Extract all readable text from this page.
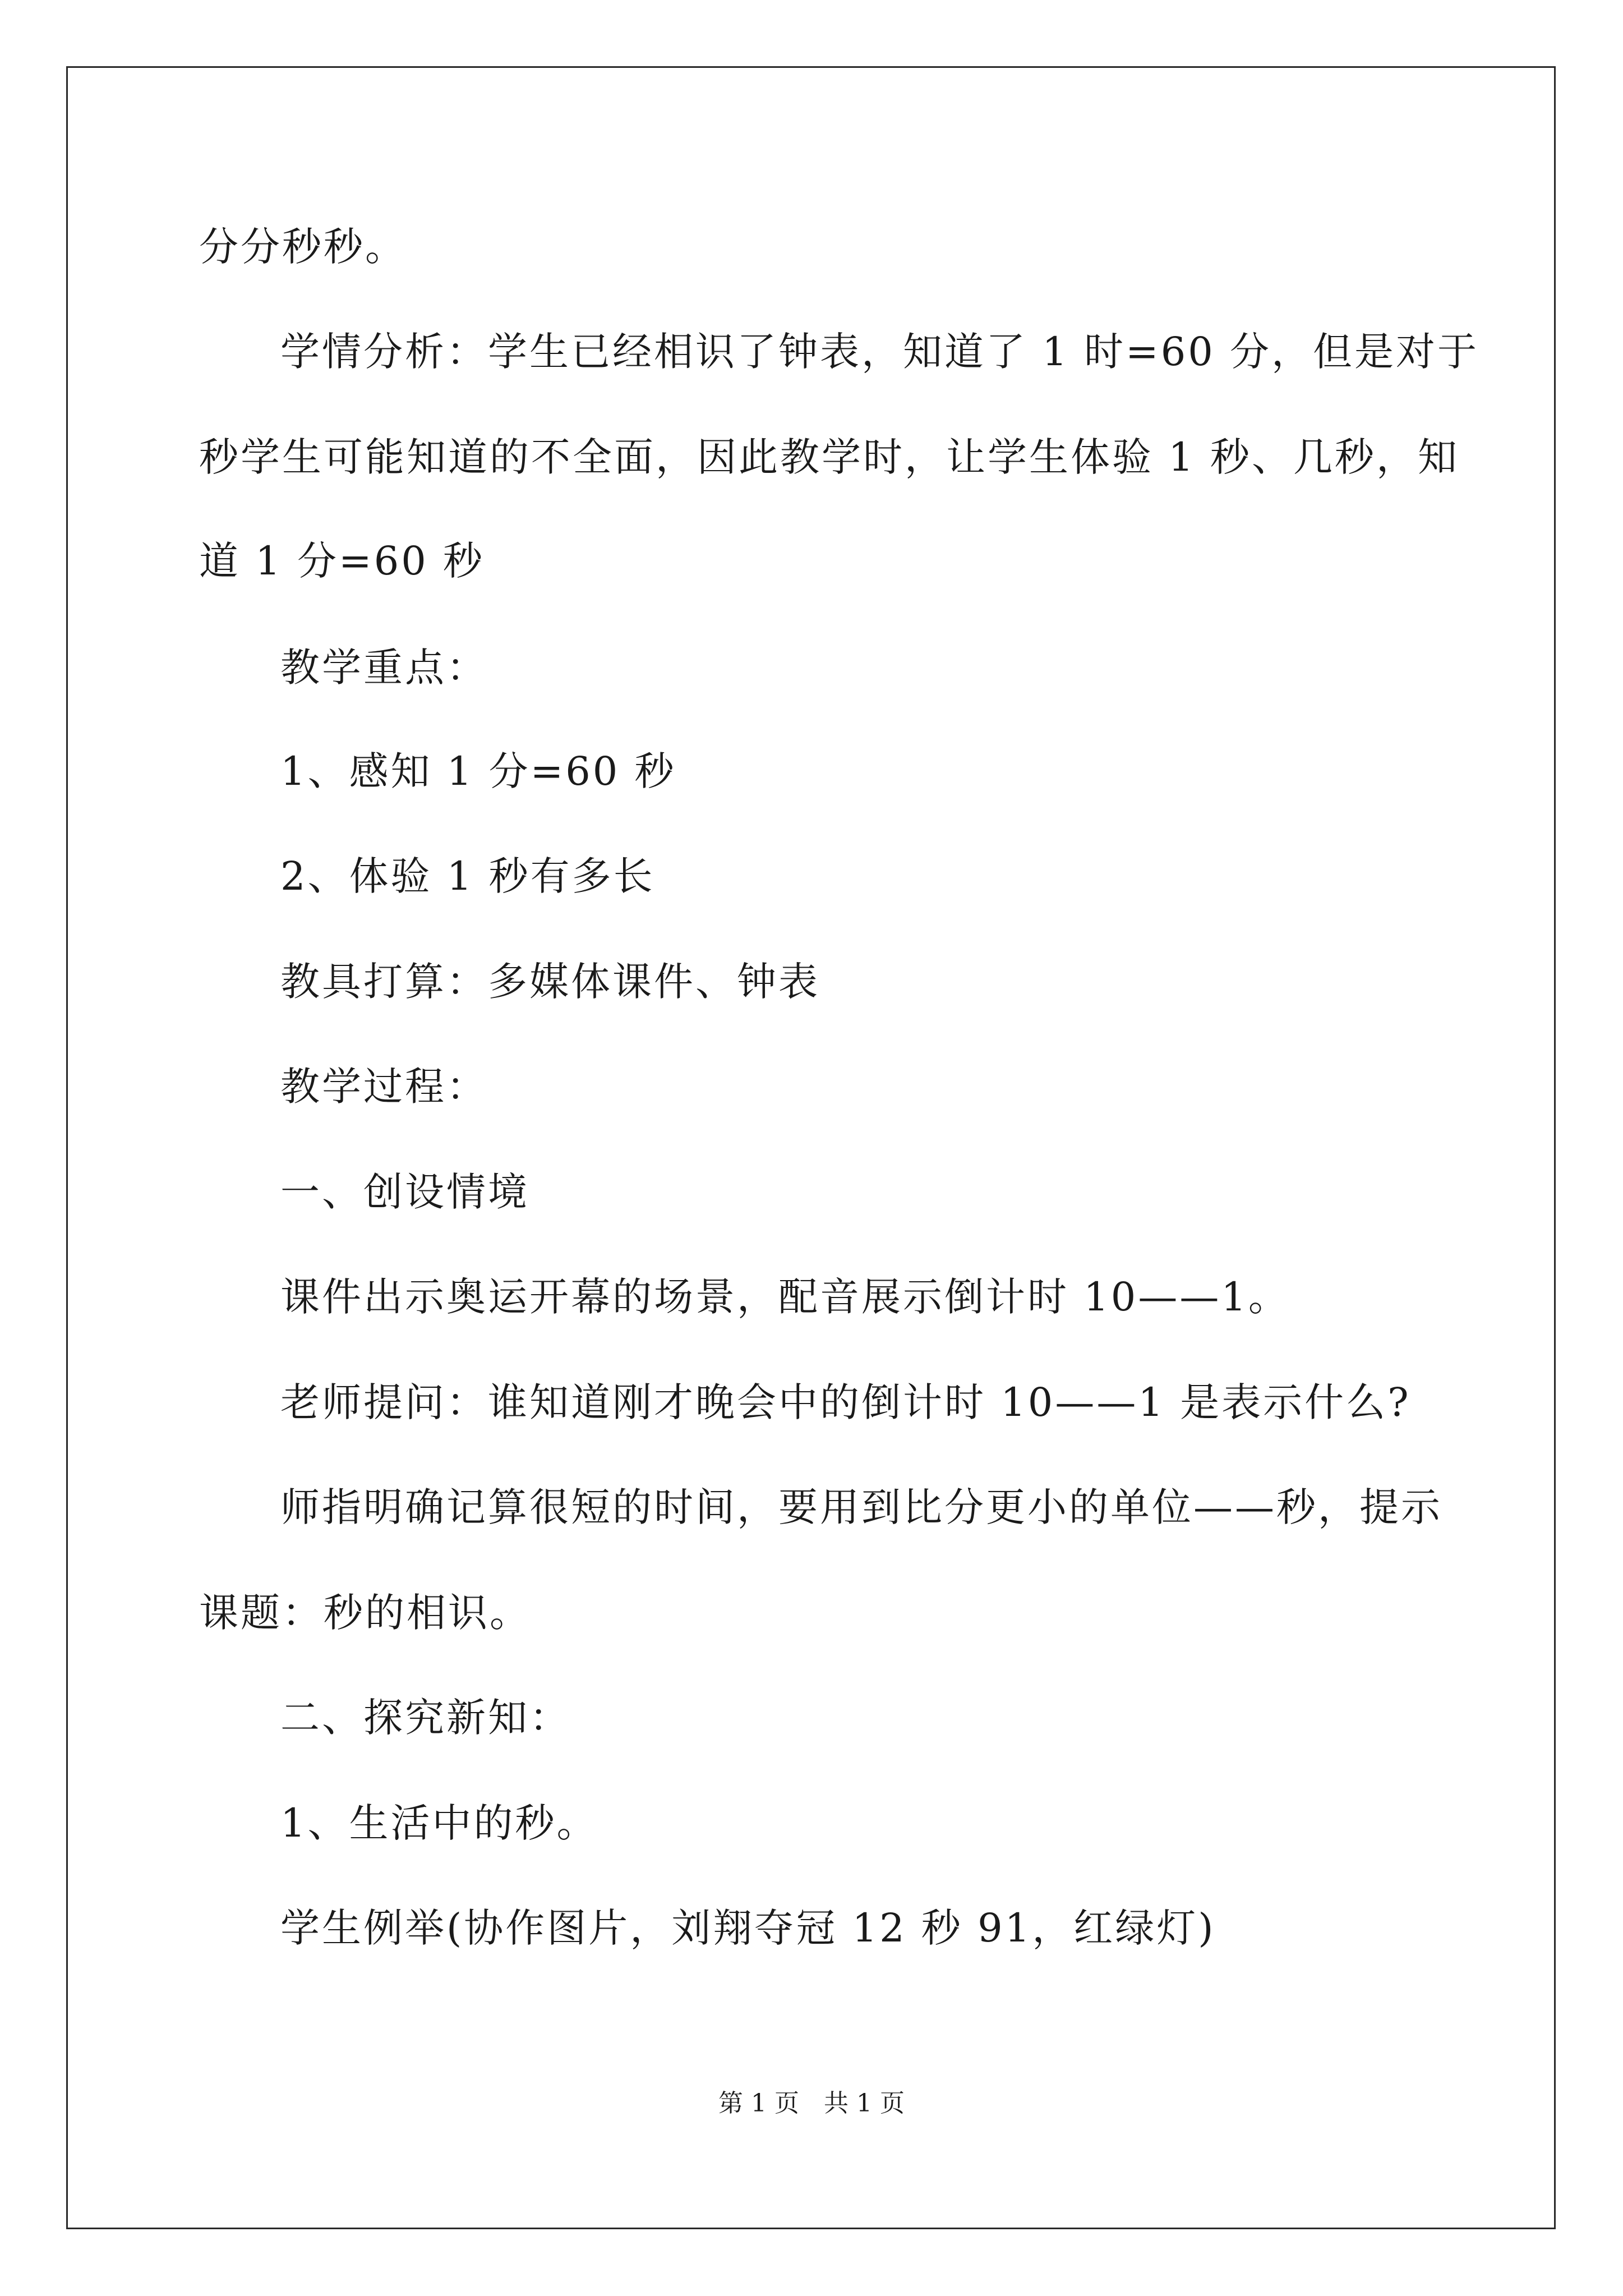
分分秒秒。
学情分析：学生已经相识了钟表，知道了 1 时=60 分，但是对于
秒学生可能知道的不全面，因此教学时，让学生体验 1 秒、几秒，知
道 1 分=60 秒
教学重点：
1、感知 1 分=60 秒
2、体验 1 秒有多长
教具打算：多媒体课件、钟表
教学过程：
一、创设情境
课件出示奥运开幕的场景，配音展示倒计时 10——1。
老师提问：谁知道刚才晚会中的倒计时 10——1 是表示什么?
师指明确记算很短的时间，要用到比分更小的单位——秒，提示
课题：秒的相识。
二、探究新知：
1、生活中的秒。
学生例举(协作图片，刘翔夺冠 12 秒 91，红绿灯)
第 1 页　共 1 页
